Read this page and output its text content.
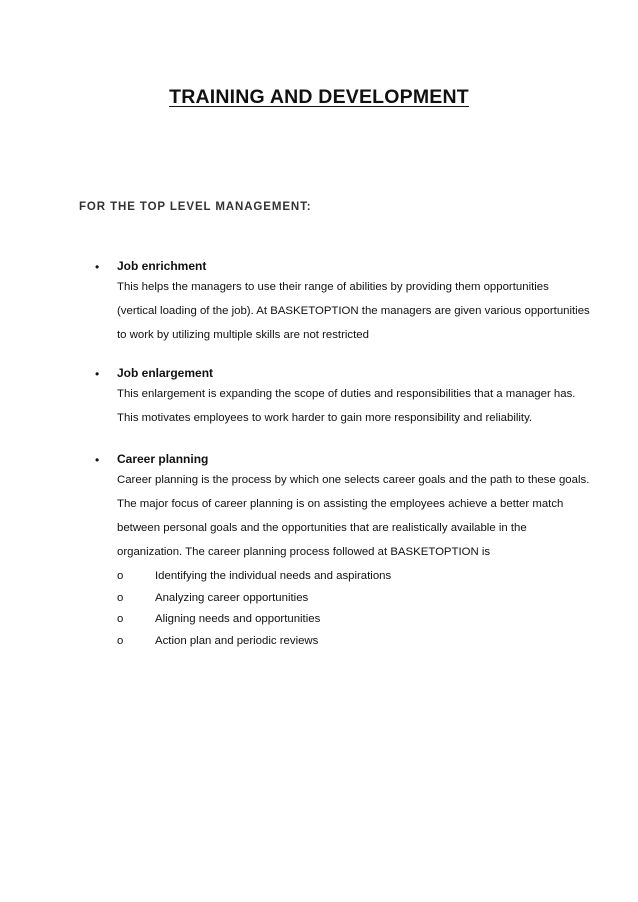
TRAINING AND DEVELOPMENT
FOR THE TOP LEVEL MANAGEMENT:
• Job enrichment
This helps the managers to use their range of abilities by providing them opportunities
(vertical loading of the job). At BASKETOPTION the managers are given various opportunities
to work by utilizing multiple skills are not restricted
• Job enlargement
This enlargement is expanding the scope of duties and responsibilities that a manager has.
This motivates employees to work harder to gain more responsibility and reliability.
• Career planning
Career planning is the process by which one selects career goals and the path to these goals.
The major focus of career planning is on assisting the employees achieve a better match
between personal goals and the opportunities that are realistically available in the
organization. The career planning process followed at BASKETOPTION is
o	Identifying the individual needs and aspirations
o	Analyzing career opportunities
o	Aligning needs and opportunities
o	Action plan and periodic reviews
